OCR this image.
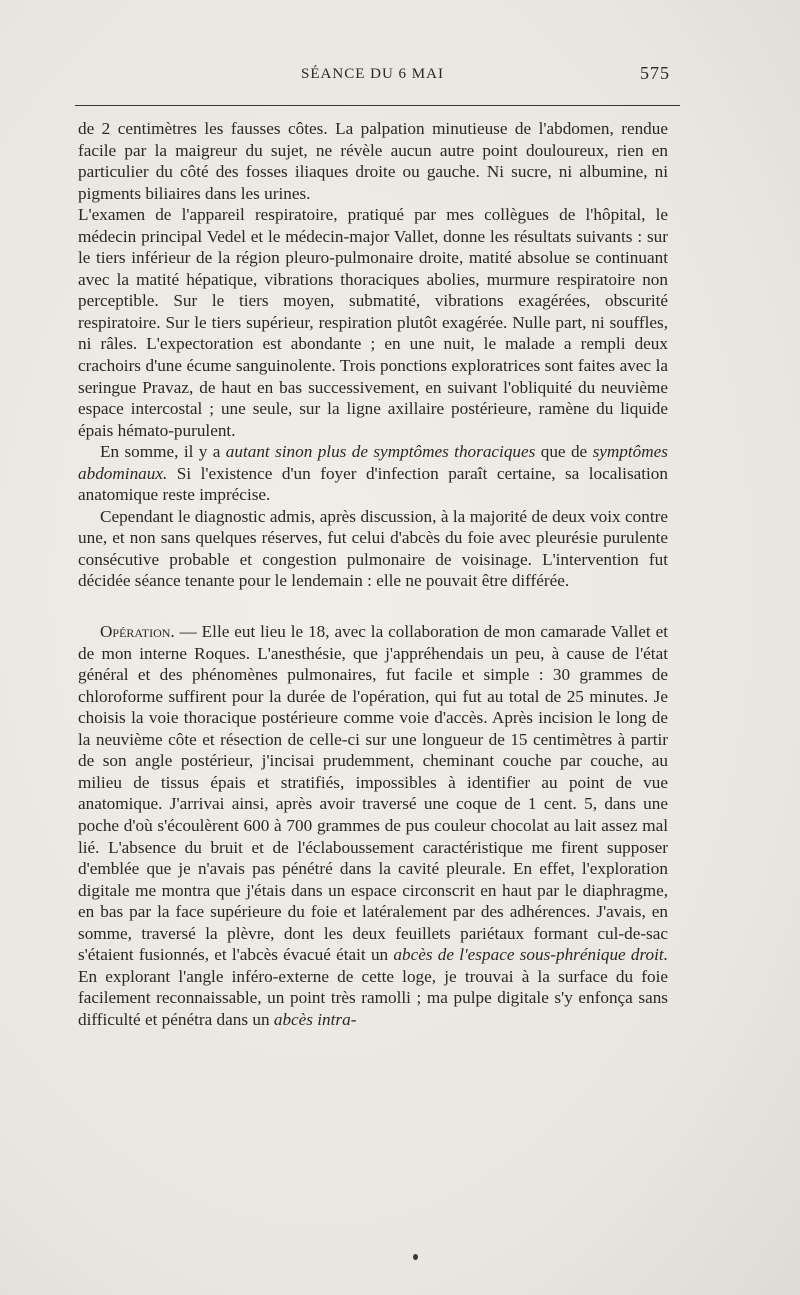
SÉANCE DU 6 MAI	575

de 2 centimètres les fausses côtes. La palpation minutieuse de l'abdomen, rendue facile par la maigreur du sujet, ne révèle aucun autre point douloureux, rien en particulier du côté des fosses iliaques droite ou gauche. Ni sucre, ni albumine, ni pigments biliaires dans les urines.

L'examen de l'appareil respiratoire, pratiqué par mes collègues de l'hôpital, le médecin principal Vedel et le médecin-major Vallet, donne les résultats suivants : sur le tiers inférieur de la région pleuro-pulmonaire droite, matité absolue se continuant avec la matité hépatique, vibrations thoraciques abolies, murmure respiratoire non perceptible. Sur le tiers moyen, submatité, vibrations exagérées, obscurité respiratoire. Sur le tiers supérieur, respiration plutôt exagérée. Nulle part, ni souffles, ni râles. L'expectoration est abondante ; en une nuit, le malade a rempli deux crachoirs d'une écume sanguinolente. Trois ponctions exploratrices sont faites avec la seringue Pravaz, de haut en bas successivement, en suivant l'obliquité du neuvième espace intercostal ; une seule, sur la ligne axillaire postérieure, ramène du liquide épais hémato-purulent.

En somme, il y a autant sinon plus de symptômes thoraciques que de symptômes abdominaux. Si l'existence d'un foyer d'infection paraît certaine, sa localisation anatomique reste imprécise.

Cependant le diagnostic admis, après discussion, à la majorité de deux voix contre une, et non sans quelques réserves, fut celui d'abcès du foie avec pleurésie purulente consécutive probable et congestion pulmonaire de voisinage. L'intervention fut décidée séance tenante pour le lendemain : elle ne pouvait être différée.

Opération. — Elle eut lieu le 18, avec la collaboration de mon camarade Vallet et de mon interne Roques. L'anesthésie, que j'appréhendais un peu, à cause de l'état général et des phénomènes pulmonaires, fut facile et simple : 30 grammes de chloroforme suffirent pour la durée de l'opération, qui fut au total de 25 minutes. Je choisis la voie thoracique postérieure comme voie d'accès. Après incision le long de la neuvième côte et résection de celle-ci sur une longueur de 15 centimètres à partir de son angle postérieur, j'incisai prudemment, cheminant couche par couche, au milieu de tissus épais et stratifiés, impossibles à identifier au point de vue anatomique. J'arrivai ainsi, après avoir traversé une coque de 1 cent. 5, dans une poche d'où s'écoulèrent 600 à 700 grammes de pus couleur chocolat au lait assez mal lié. L'absence du bruit et de l'éclaboussement caractéristique me firent supposer d'emblée que je n'avais pas pénétré dans la cavité pleurale. En effet, l'exploration digitale me montra que j'étais dans un espace circonscrit en haut par le diaphragme, en bas par la face supérieure du foie et latéralement par des adhérences. J'avais, en somme, traversé la plèvre, dont les deux feuillets pariétaux formant cul-de-sac s'étaient fusionnés, et l'abcès évacué était un abcès de l'espace sous-phrénique droit. En explorant l'angle inféro-externe de cette loge, je trouvai à la surface du foie facilement reconnaissable, un point très ramolli ; ma pulpe digitale s'y enfonça sans difficulté et pénétra dans un abcès intra-
